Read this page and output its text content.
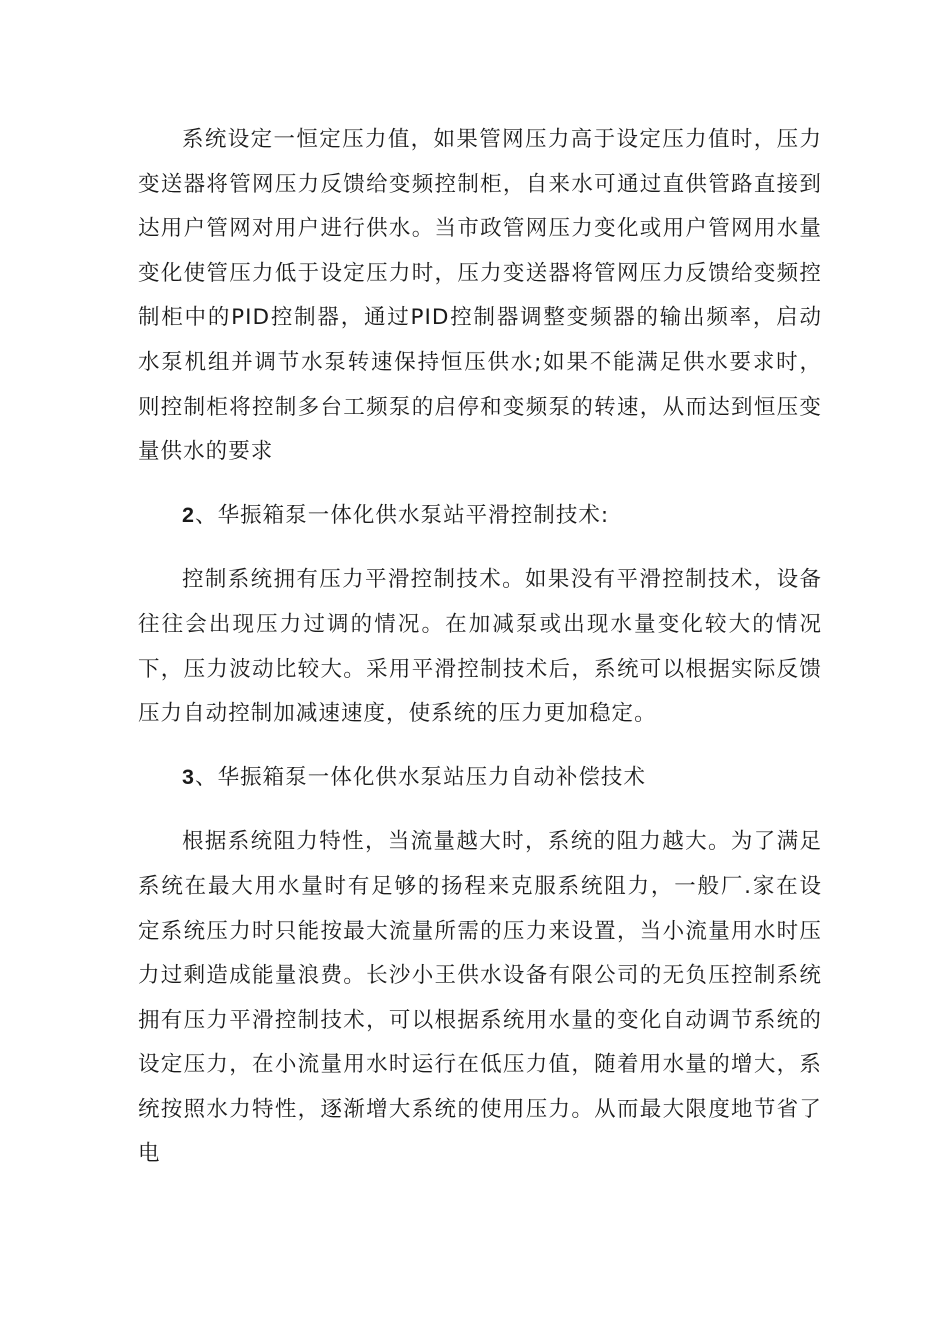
系统设定一恒定压力值，如果管网压力高于设定压力值时，压力变送器将管网压力反馈给变频控制柜，自来水可通过直供管路直接到达用户管网对用户进行供水。当市政管网压力变化或用户管网用水量变化使管压力低于设定压力时，压力变送器将管网压力反馈给变频控制柜中的PID控制器，通过PID控制器调整变频器的输出频率，启动水泵机组并调节水泵转速保持恒压供水;如果不能满足供水要求时，则控制柜将控制多台工频泵的启停和变频泵的转速，从而达到恒压变量供水的要求

2、华振箱泵一体化供水泵站平滑控制技术:

控制系统拥有压力平滑控制技术。如果没有平滑控制技术，设备往往会出现压力过调的情况。在加减泵或出现水量变化较大的情况下，压力波动比较大。采用平滑控制技术后，系统可以根据实际反馈压力自动控制加减速速度，使系统的压力更加稳定。

3、华振箱泵一体化供水泵站压力自动补偿技术

根据系统阻力特性，当流量越大时，系统的阻力越大。为了满足系统在最大用水量时有足够的扬程来克服系统阻力，一般厂.家在设定系统压力时只能按最大流量所需的压力来设置，当小流量用水时压力过剩造成能量浪费。长沙小王供水设备有限公司的无负压控制系统拥有压力平滑控制技术，可以根据系统用水量的变化自动调节系统的设定压力，在小流量用水时运行在低压力值，随着用水量的增大，系统按照水力特性，逐渐增大系统的使用压力。从而最大限度地节省了电
